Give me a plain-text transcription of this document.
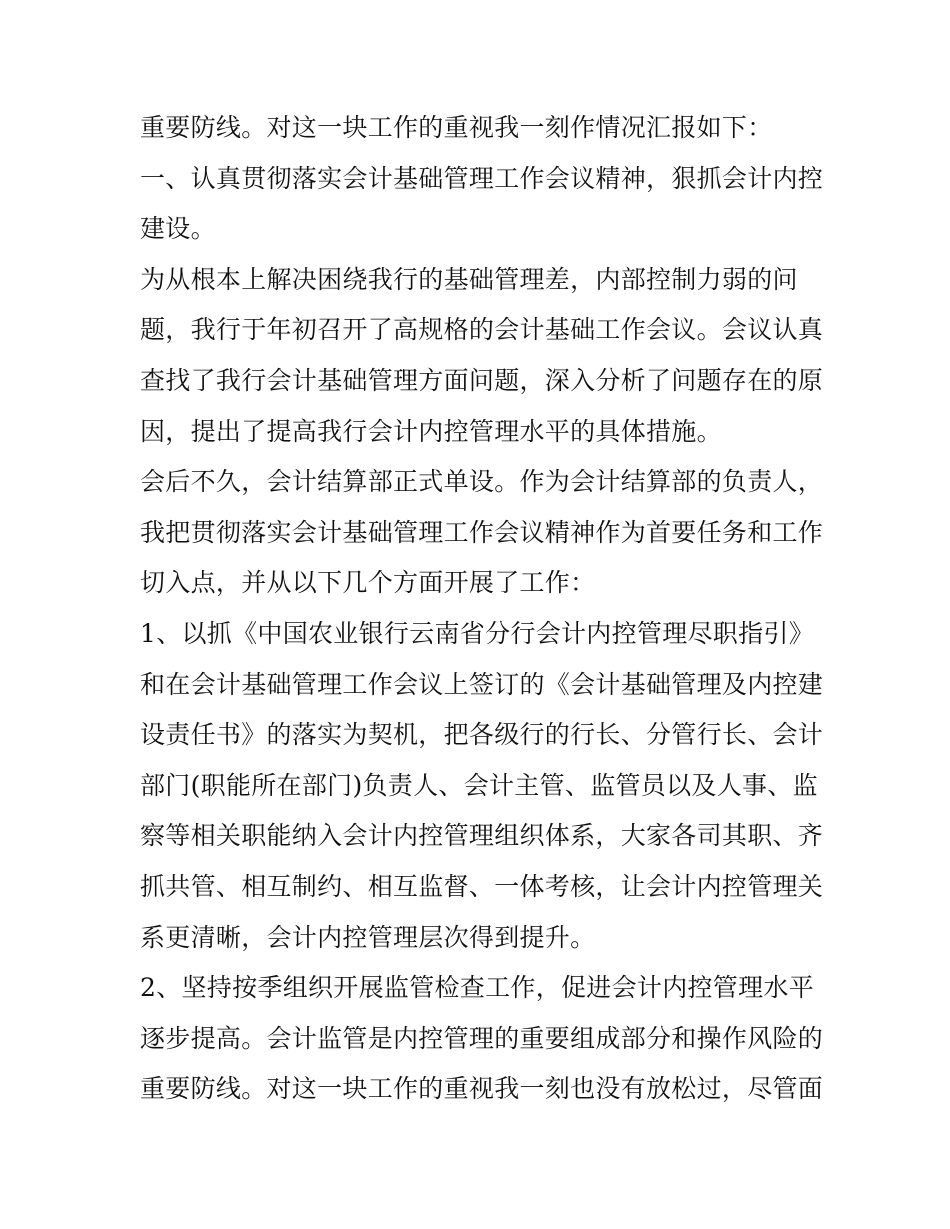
重要防线。对这一块工作的重视我一刻作情况汇报如下：
一、认真贯彻落实会计基础管理工作会议精神，狠抓会计内控
建设。
为从根本上解决困绕我行的基础管理差，内部控制力弱的问
题，我行于年初召开了高规格的会计基础工作会议。会议认真
查找了我行会计基础管理方面问题，深入分析了问题存在的原
因，提出了提高我行会计内控管理水平的具体措施。
会后不久，会计结算部正式单设。作为会计结算部的负责人，
我把贯彻落实会计基础管理工作会议精神作为首要任务和工作
切入点，并从以下几个方面开展了工作：
1、以抓《中国农业银行云南省分行会计内控管理尽职指引》
和在会计基础管理工作会议上签订的《会计基础管理及内控建
设责任书》的落实为契机，把各级行的行长、分管行长、会计
部门(职能所在部门)负责人、会计主管、监管员以及人事、监
察等相关职能纳入会计内控管理组织体系，大家各司其职、齐
抓共管、相互制约、相互监督、一体考核，让会计内控管理关
系更清晰，会计内控管理层次得到提升。
2、坚持按季组织开展监管检查工作，促进会计内控管理水平
逐步提高。会计监管是内控管理的重要组成部分和操作风险的
重要防线。对这一块工作的重视我一刻也没有放松过，尽管面
